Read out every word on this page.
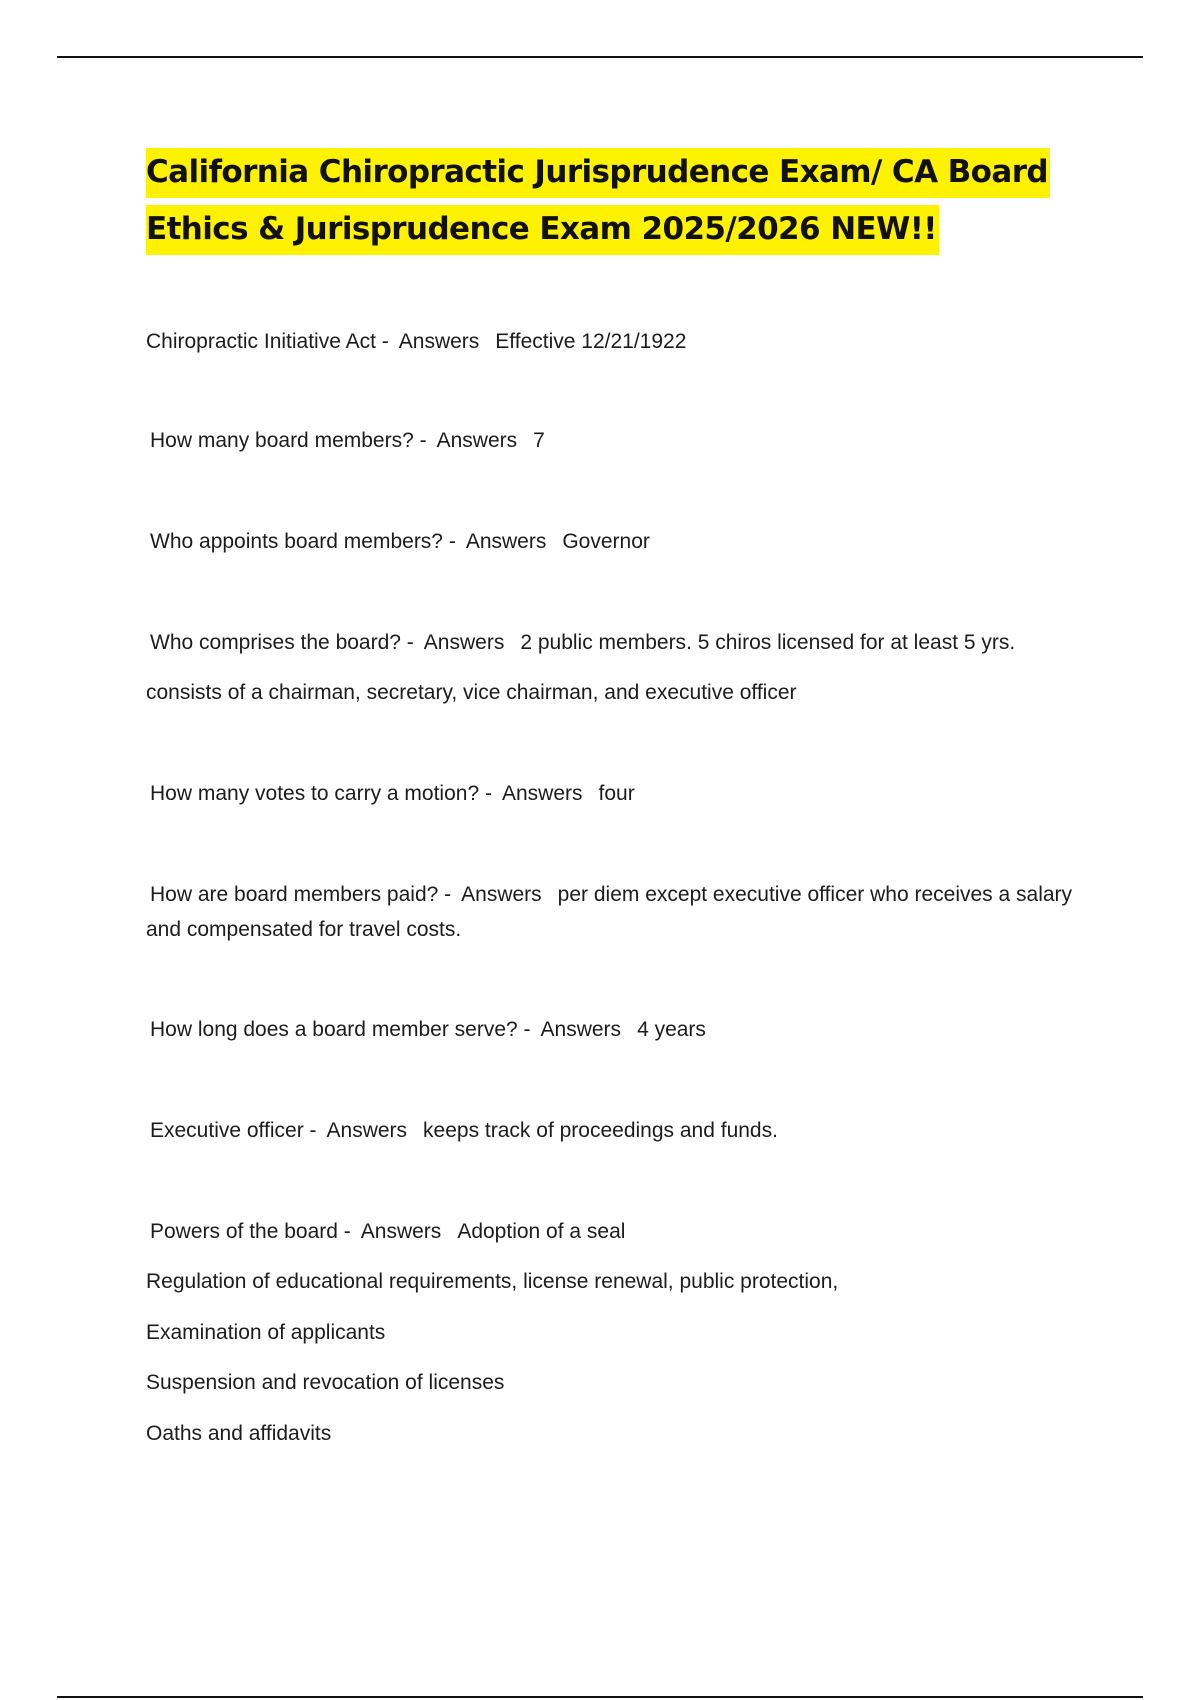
California Chiropractic Jurisprudence Exam/ CA Board Ethics & Jurisprudence Exam 2025/2026 NEW!!

Chiropractic Initiative Act - Answers Effective 12/21/1922

How many board members? - Answers 7

Who appoints board members? - Answers Governor

Who comprises the board? - Answers 2 public members. 5 chiros licensed for at least 5 yrs.

consists of a chairman, secretary, vice chairman, and executive officer

How many votes to carry a motion? - Answers four

How are board members paid? - Answers per diem except executive officer who receives a salary and compensated for travel costs.

How long does a board member serve? - Answers 4 years

Executive officer - Answers keeps track of proceedings and funds.

Powers of the board - Answers Adoption of a seal

Regulation of educational requirements, license renewal, public protection,

Examination of applicants

Suspension and revocation of licenses

Oaths and affidavits
